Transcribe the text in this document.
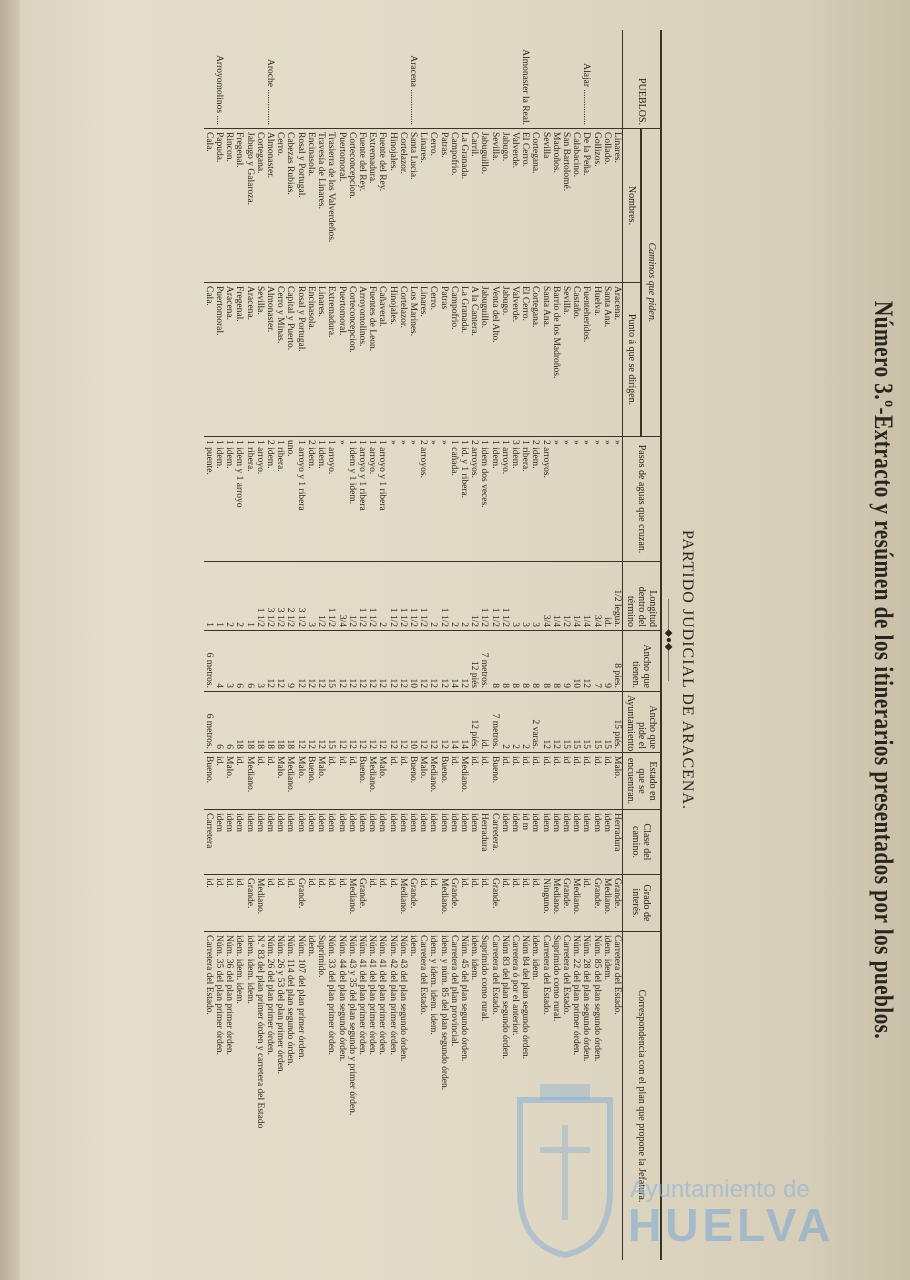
Número 3.º-Extracto y resúmen de los itinerarios presentados por los pueblos.
PARTIDO JUDICIAL DE ARACENA.
———◆●◆———
PUEBLOS.	Caminos que piden.		Pasos de aguas que cruzan.	Longitud dentro del término	Ancho que tienen.	Ancho que pide el Ayuntamiento.	Estado en que se encuentran.	Clase del camino.	Grado de interés.	Correspondencia con el plan que propone la Jefatura.
	Nombres.	Punto á que se dirigen.								
	Linares.	Aracena.	»	1/2 legua.	8 pies.	15 piés.	Malo.	Herradura	Grande.	Carretera del Estado.
	Collado.	Santa Ana.	»	id.	9	15	id.	idem	Mediano.	idem. idem.
	Gollizos.	Huelva.	»	3/4	7	15	id.	idem	Grande.	Núm. 85 del plan segundo órden.
Alajar ...............	De la Peña.	Fuenteheridos.	»	1/4	12	15	id.	idem	id.	Núm. 28 del plan segundo órden.
	Calabacino.	Castaño.	»	1/4	10	15	id.	idem	Mediano.	Núm. 22 del plan primer órden.
	San Bartolomé.	Sevilla.	»	1/2	9	15	id	idem	Grande.	Carretera del Estado.
	Madroños.	Barrio de los Madroños.	»	1/4	8	12	id.	idem	Mediano.	Suprimido como rural.
	Sevilla	Santa Ana.	2 arroyos.	3/4	8	12	id.	idem	Ninguno.	Carretera del Estado.
	Cortegana.	Cortegana.	2 idem.	3	8	2 varas.	id.	idem	id.	idem. idem.
Almonaster la Real.	El Cerro.	El Cerro.	1 ribera.	3	8	2	id.	id m	id.	Núm 84 del plan segundo órden.
	Valverde.	Valverde.	3 idem.	3	8	2	id.	idem	id.	Carretera ó por el anterior.
	Jabugo.	Jabugo.	1 arroyo.	1 1/2	8	2	id.	idem	id.	Núm 83 del plan segundo órden.
	Sevilla.	Venta del Alto.	1 idem.	1 1/2	8	7 metros.	Bueno.	Carretera.	Grande.	Carretera del Estado.
	Jabuguillo.	Jabuguillo.	1 idem dos veces.	1 1/2	7 metros.	id.	id.	Herradura	id.	Suprimido como rural.
	Carril.	A la Cantera.	2 arroyos.	1/2	12 piés	12 piés.	id.	idem	id.	idem. idem.
	La Granada.	La Granada.	1 id. y 1 ribera.	2	12	14	Mediano.	idem	id.	Núm. 45 del plan segundo órden.
	Campofrio.	Campofrio.	1 cañada.	2	14	14	id.	idem	Grande.	Carretera del plan provincial.
	Patras.	Patras	»	1 1/2	12	12	Bueno.	idem	Mediano.	idem. y núm. 85 del plan segundo órden.
	Cerro.	Cerro.	»	2	12	12	Mediano.	idem	id.	idem. y idem. idem. idem.
	Linares.	Linares.	2 arroyos.	1 1/2	12	12	Malo.	idem	id.	Carretera del Estado.
Aracena ...............	Santa Lucia.	Los Marines.	»	1 1/2	10	10	Bueno.	idem	Grande.	idem.
	Cortelazor.	Cortelazor.	»	1 1/2	12	12	id.	idem	Mediano.	Núm. 43 del plan segundo órden.
	Hinojales.	Hinojales.	»	1 1/2	12	12	id.	idem	id.	Núm. 42 del plan primer órden.
	Fuente del Rey.	Cañaveral.	1 arroyo y 1 ribera	2	12	12	Malo.	idem	id.	Núm. 41 del plan primer órden.
	Extremadura.	Fuentes de Leon.	1 arroyo.	1 1/2	12	12	Mediano.	idem	id.	Núm. 41 del plan primer órden.
	Fuente del Rey.	Arroyomolinos.	1 arroyo y 1 ribera	1 1/2	12	12	Bueno.	idem	Grande.	Núm. 41 del plan primer órden.
	Corteconcepcion.	Corteconcepcion.	1 idem y 1 idem.	1/2	12	12	id.	idem	Mediano.	Núm. 43 y 35 del plan segundo y primer órden.
	Puertomoral.	Puertomoral.	»	3/4	12	12	id.	idem	id.	Núm. 44 del plan segundo órden.
	Trasierra de los Valverdeños.	Extremadura.	1 arroyo.	1 1/2	15	15	id.	idem	id.	Núm. 33 del plan primer órden.
	Travesía de Linares.	Linares.	1 idem.	1/2	12	12	Malo.	idem	id.	Suprimido.
	Encinasola.	Encinasola.	2 idem.	3	12	12	Bueno.	idem	id.	idem.
	Rosal y Portugal.	Rosal y Portugal.	1 arroyo y 1 ribera	3 1/2	12	12	Malo.	idem	Grande.	Núm. 107 del plan primer órden.
	Cabezas Rubias.	Capital y Puerto.	uno.	2 1/2	9	18	Mediano.	idem	id.	Núm. 114 del plan segundo órden.
	Cerro.	Cerro y Minas.	1 ribera.	3 1/2	12	18	Malo.	idem	id.	Núm. 26 y 53 del plan primer órden.
Aroche ...............	Almonaster.	Almonaster.	2 idem.	3 1/2	12	18	id.	idem	id.	Núm. 26 del plan primer órden.
	Cortegana.	Sevilla.	1 arroyo.	1 1/2	3	18	id.	idem	Mediano.	N.º 83 del plan primer órden y carretera del Estado
	Jabugo y Galaroza.	Aracena.	1 ribera.	1	6	18	Mediano.	idem	Grande.	idem. idem. idem.
	Fregenal.	Fregenal.	1 idem y 1 arroyo	2	6	18	id.	idem	id.	idem. idem. idem.
	Rincon.	Aracena.	1 idem.	2	3	6	Malo.	idem	id.	Núm. 36 del plan primer órden.
Arroyomolinos ....	Papuda.	Puertomoral.	1 idem.	1	4	6	id.	idem	id.	Núm. 35 del plan primer órden.
	Cala.	Cala.	1 puente.	1	6 metros.	6 metros.	Bueno.	Carretera	id.	Carretera del Estado.
Ayuntamiento de
HUELVA
